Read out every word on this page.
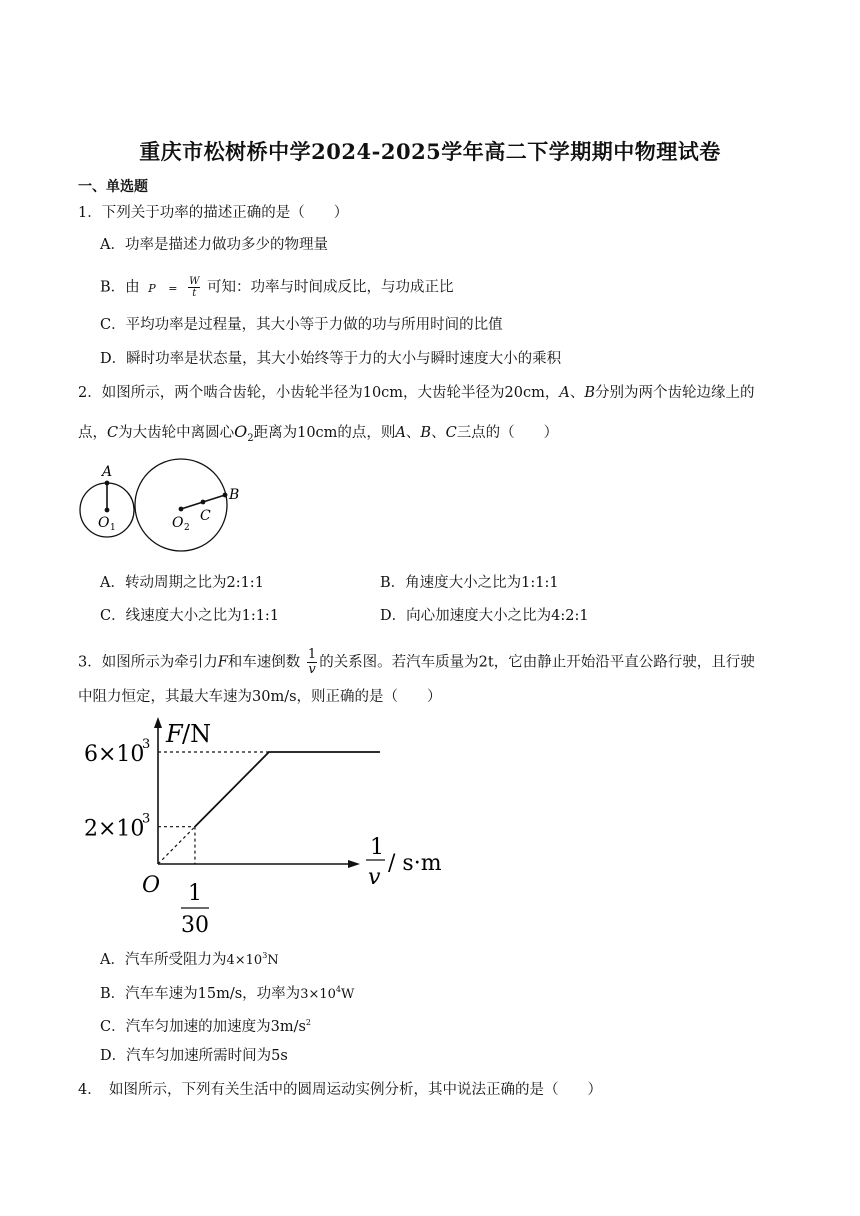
重庆市松树桥中学2024-2025学年高二下学期期中物理试卷
一、单选题
1．下列关于功率的描述正确的是（　　）
A．功率是描述力做功多少的物理量
B．由 $P = \frac{W}{t}$ 可知：功率与时间成反比，与功成正比
C．平均功率是过程量，其大小等于力做的功与所用时间的比值
D．瞬时功率是状态量，其大小始终等于力的大小与瞬时速度大小的乘积
2．如图所示，两个啮合齿轮，小齿轮半径为10cm，大齿轮半径为20cm，A、B分别为两个齿轮边缘上的
点，C为大齿轮中离圆心$O_2$距离为10cm的点，则A、B、C三点的（　　）
A
O 1	O 2
C
B
A．转动周期之比为2:1:1	B．角速度大小之比为1:1:1
C．线速度大小之比为1:1:1	D．向心加速度大小之比为4:2:1
3．如图所示为牵引力F和车速倒数 $\frac{1}{v}$ 的关系图。若汽车质量为2t，它由静止开始沿平直公路行驶，且行驶
中阻力恒定，其最大车速为30m/s，则正确的是（　　）
F /N
1
v
/ s·m
O
2×10
3
6×10
3
1
30
A．汽车所受阻力为$4\times 10^3N$
B．汽车车速为15m/s，功率为$3\times 10^4W$
C．汽车匀加速的加速度为$3m/s^2$
D．汽车匀加速所需时间为5s
4．　如图所示，下列有关生活中的圆周运动实例分析，其中说法正确的是（　　）
